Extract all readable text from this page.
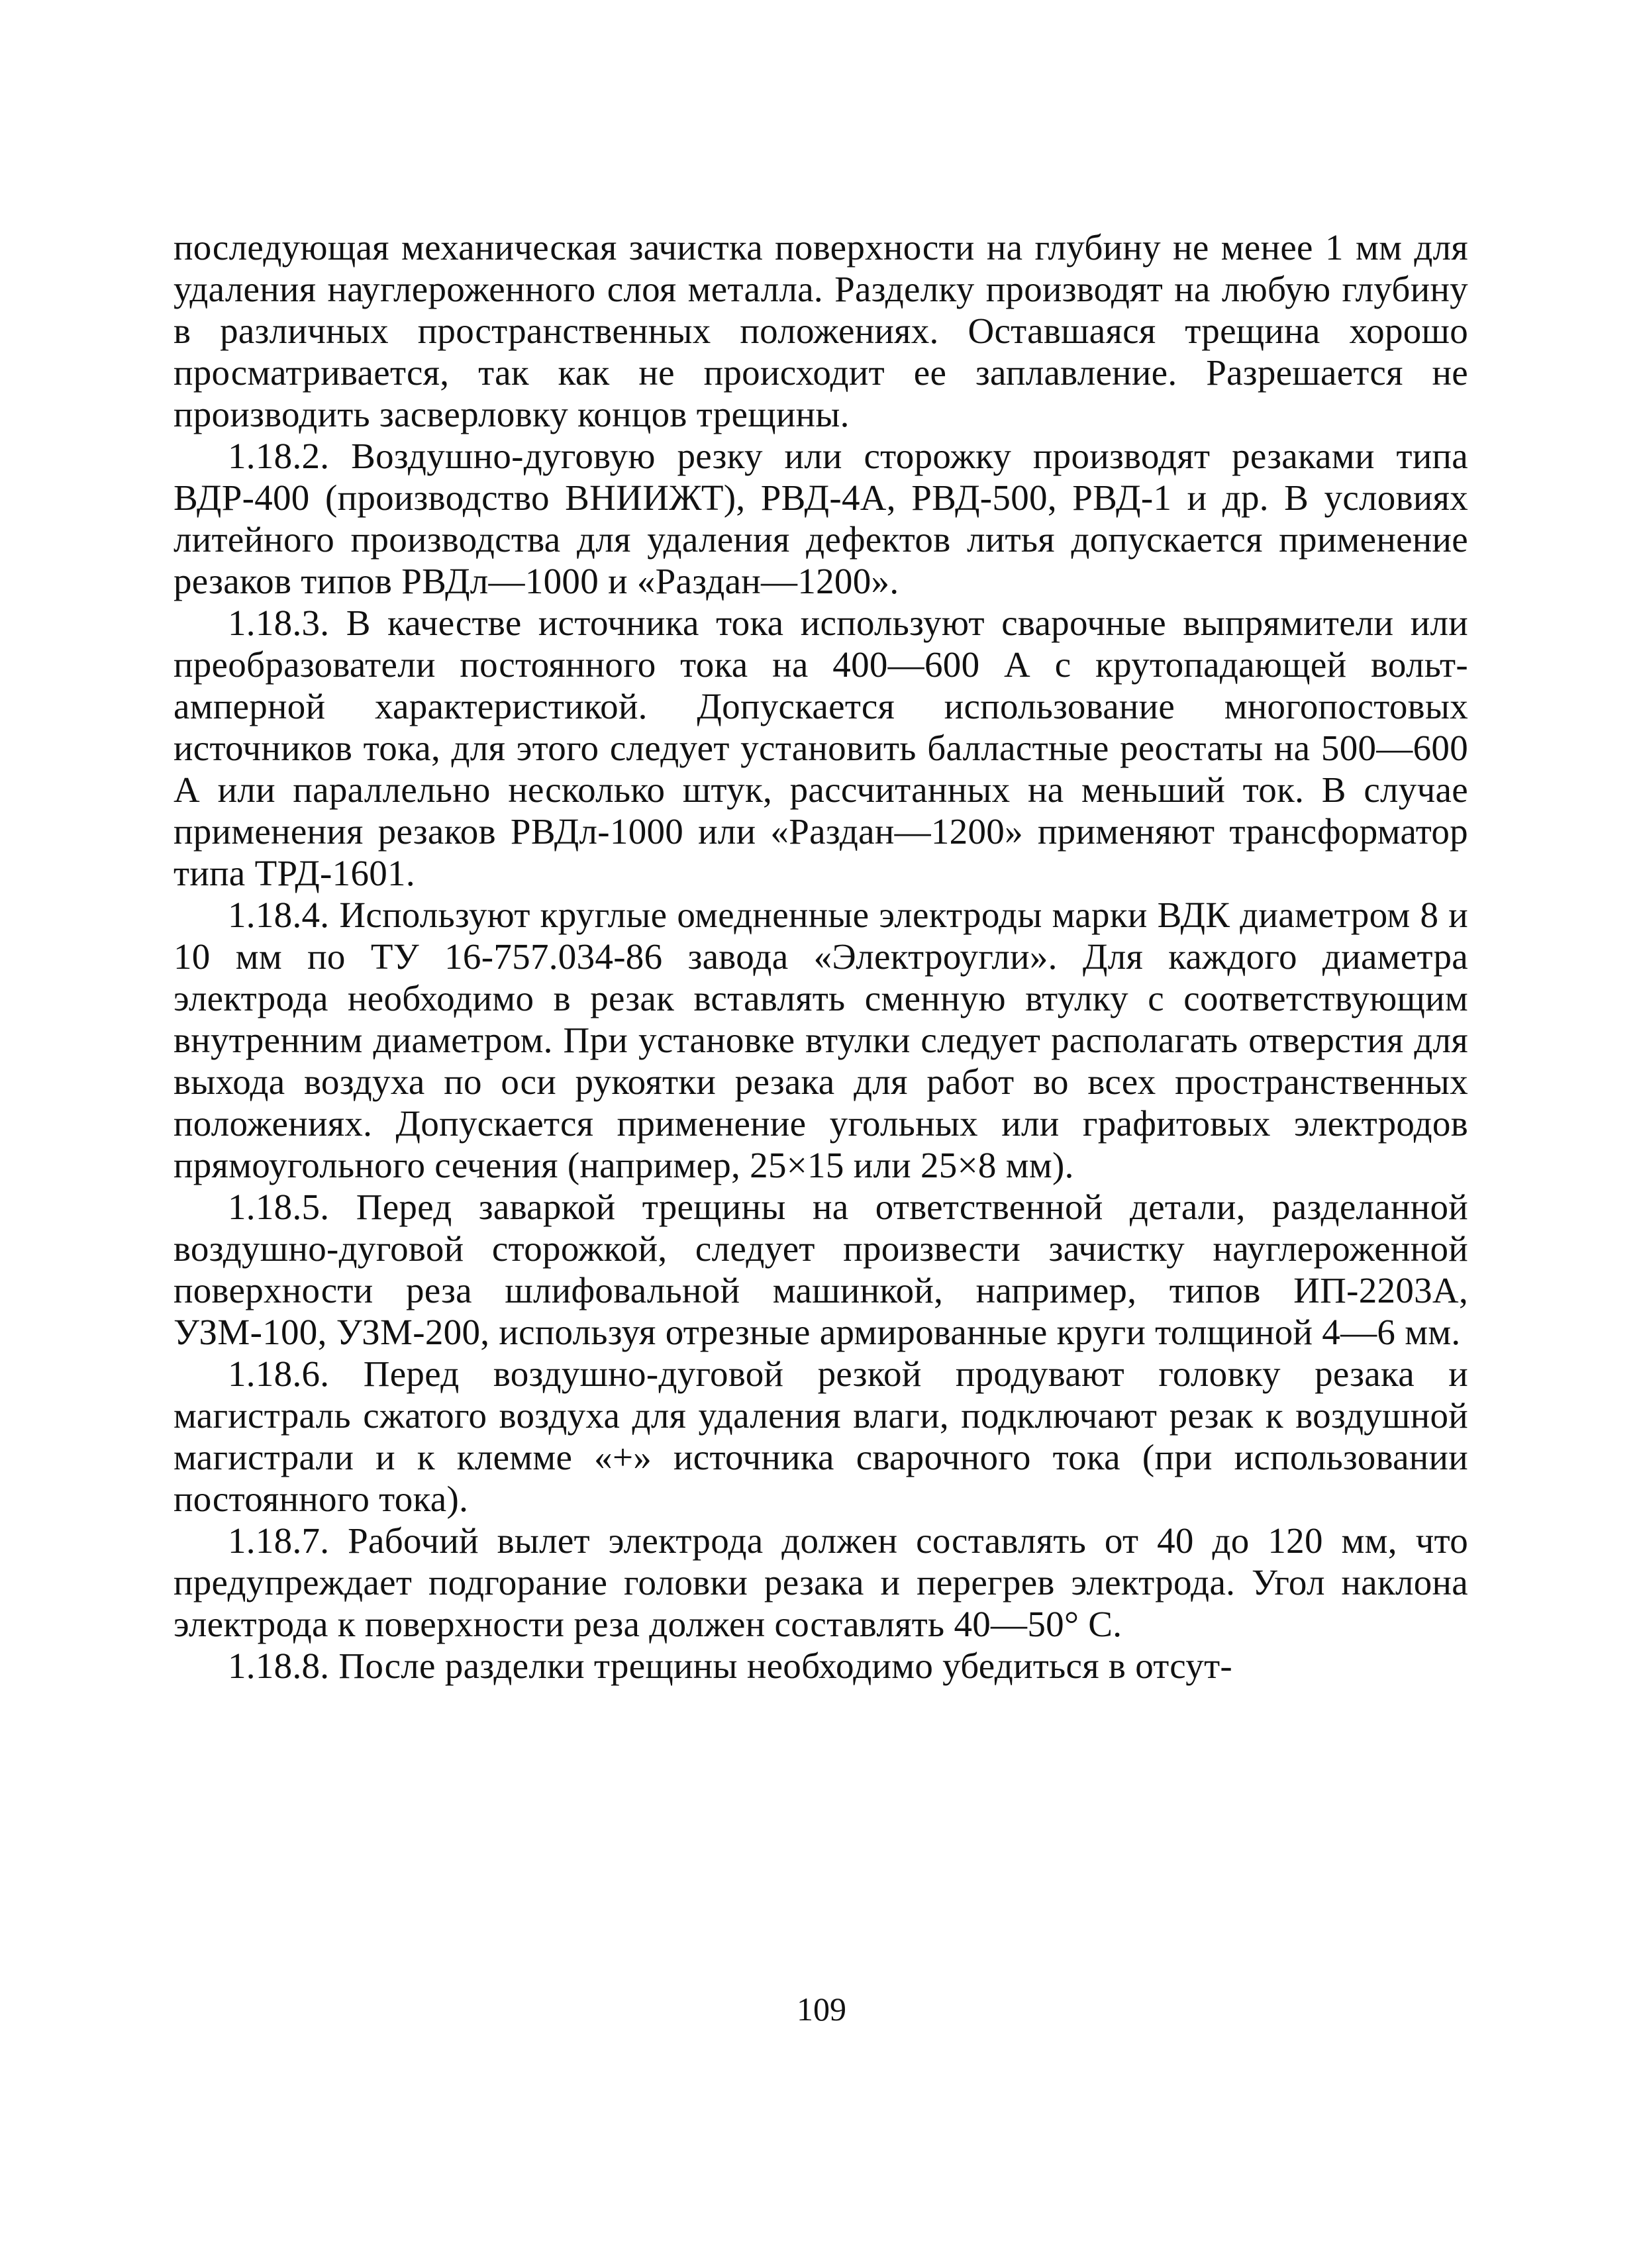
последующая механическая зачистка поверхности на глубину не менее 1 мм для удаления науглероженного слоя металла. Разделку производят на любую глубину в различных пространственных положениях. Оставшаяся трещина хорошо просматривается, так как не происходит ее заплавление. Разрешается не производить засверловку концов трещины.

1.18.2. Воздушно-дуговую резку или сторожку производят резаками типа ВДР-400 (производство ВНИИЖТ), РВД-4А, РВД-500, РВД-1 и др. В условиях литейного производства для удаления дефектов литья допускается применение резаков типов РВДл—1000 и «Раздан—1200».

1.18.3. В качестве источника тока используют сварочные выпрямители или преобразователи постоянного тока на 400—600 А с крутопадающей вольт-амперной характеристикой. Допускается использование многопостовых источников тока, для этого следует установить балластные реостаты на 500—600 А или параллельно несколько штук, рассчитанных на меньший ток. В случае применения резаков РВДл-1000 или «Раздан—1200» применяют трансформатор типа ТРД-1601.

1.18.4. Используют круглые омедненные электроды марки ВДК диаметром 8 и 10 мм по ТУ 16-757.034-86 завода «Электроугли». Для каждого диаметра электрода необходимо в резак вставлять сменную втулку с соответствующим внутренним диаметром. При установке втулки следует располагать отверстия для выхода воздуха по оси рукоятки резака для работ во всех пространственных положениях. Допускается применение угольных или графитовых электродов прямоугольного сечения (например, 25×15 или 25×8 мм).

1.18.5. Перед заваркой трещины на ответственной детали, разделанной воздушно-дуговой сторожкой, следует произвести зачистку науглероженной поверхности реза шлифовальной машинкой, например, типов ИП-2203А, УЗМ-100, УЗМ-200, используя отрезные армированные круги толщиной 4—6 мм.

1.18.6. Перед воздушно-дуговой резкой продувают головку резака и магистраль сжатого воздуха для удаления влаги, подключают резак к воздушной магистрали и к клемме «+» источника сварочного тока (при использовании постоянного тока).

1.18.7. Рабочий вылет электрода должен составлять от 40 до 120 мм, что предупреждает подгорание головки резака и перегрев электрода. Угол наклона электрода к поверхности реза должен составлять 40—50° С.

1.18.8. После разделки трещины необходимо убедиться в отсут-

109
